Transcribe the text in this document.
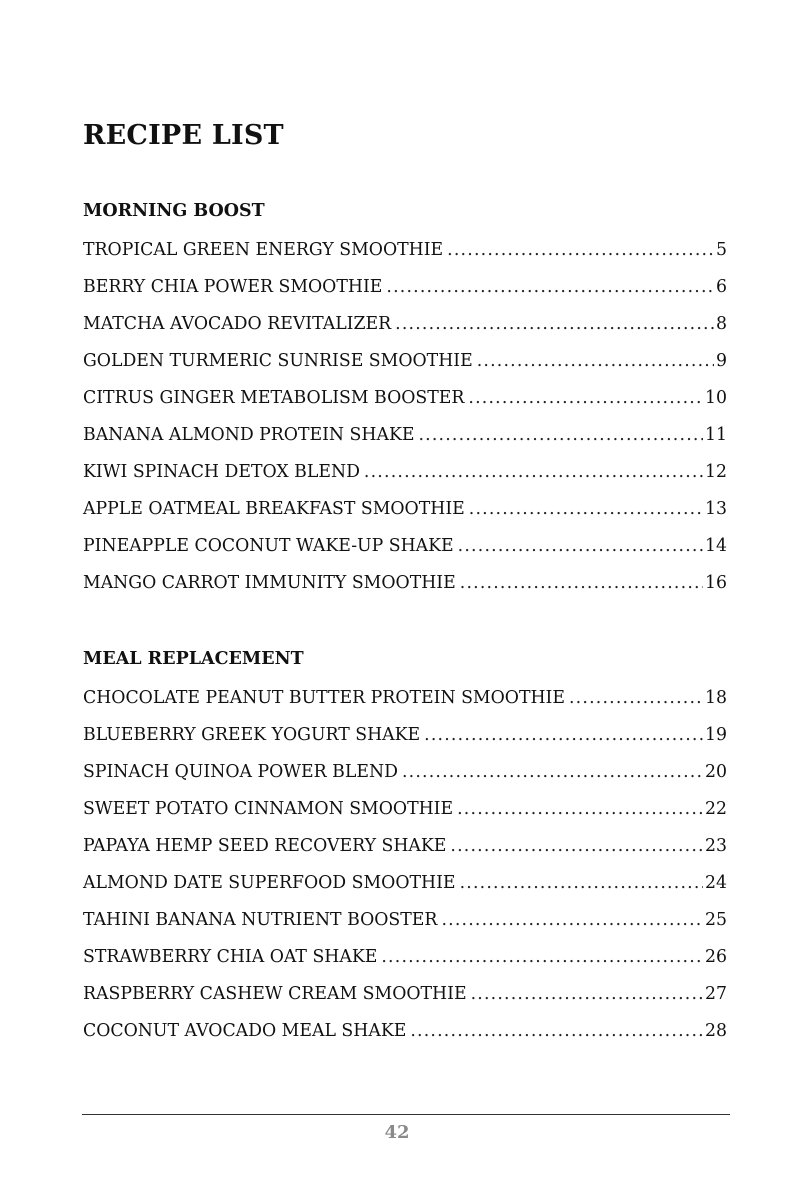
RECIPE LIST
MORNING BOOST
TROPICAL GREEN ENERGY SMOOTHIE .....	5
BERRY CHIA POWER SMOOTHIE .....	6
MATCHA AVOCADO REVITALIZER .....	8
GOLDEN TURMERIC SUNRISE SMOOTHIE .....	9
CITRUS GINGER METABOLISM BOOSTER .....	10
BANANA ALMOND PROTEIN SHAKE .....	11
KIWI SPINACH DETOX BLEND .....	12
APPLE OATMEAL BREAKFAST SMOOTHIE .....	13
PINEAPPLE COCONUT WAKE-UP SHAKE .....	14
MANGO CARROT IMMUNITY SMOOTHIE .....	16
MEAL REPLACEMENT
CHOCOLATE PEANUT BUTTER PROTEIN SMOOTHIE .....	18
BLUEBERRY GREEK YOGURT SHAKE .....	19
SPINACH QUINOA POWER BLEND .....	20
SWEET POTATO CINNAMON SMOOTHIE .....	22
PAPAYA HEMP SEED RECOVERY SHAKE .....	23
ALMOND DATE SUPERFOOD SMOOTHIE .....	24
TAHINI BANANA NUTRIENT BOOSTER .....	25
STRAWBERRY CHIA OAT SHAKE .....	26
RASPBERRY CASHEW CREAM SMOOTHIE .....	27
COCONUT AVOCADO MEAL SHAKE .....	28
42
